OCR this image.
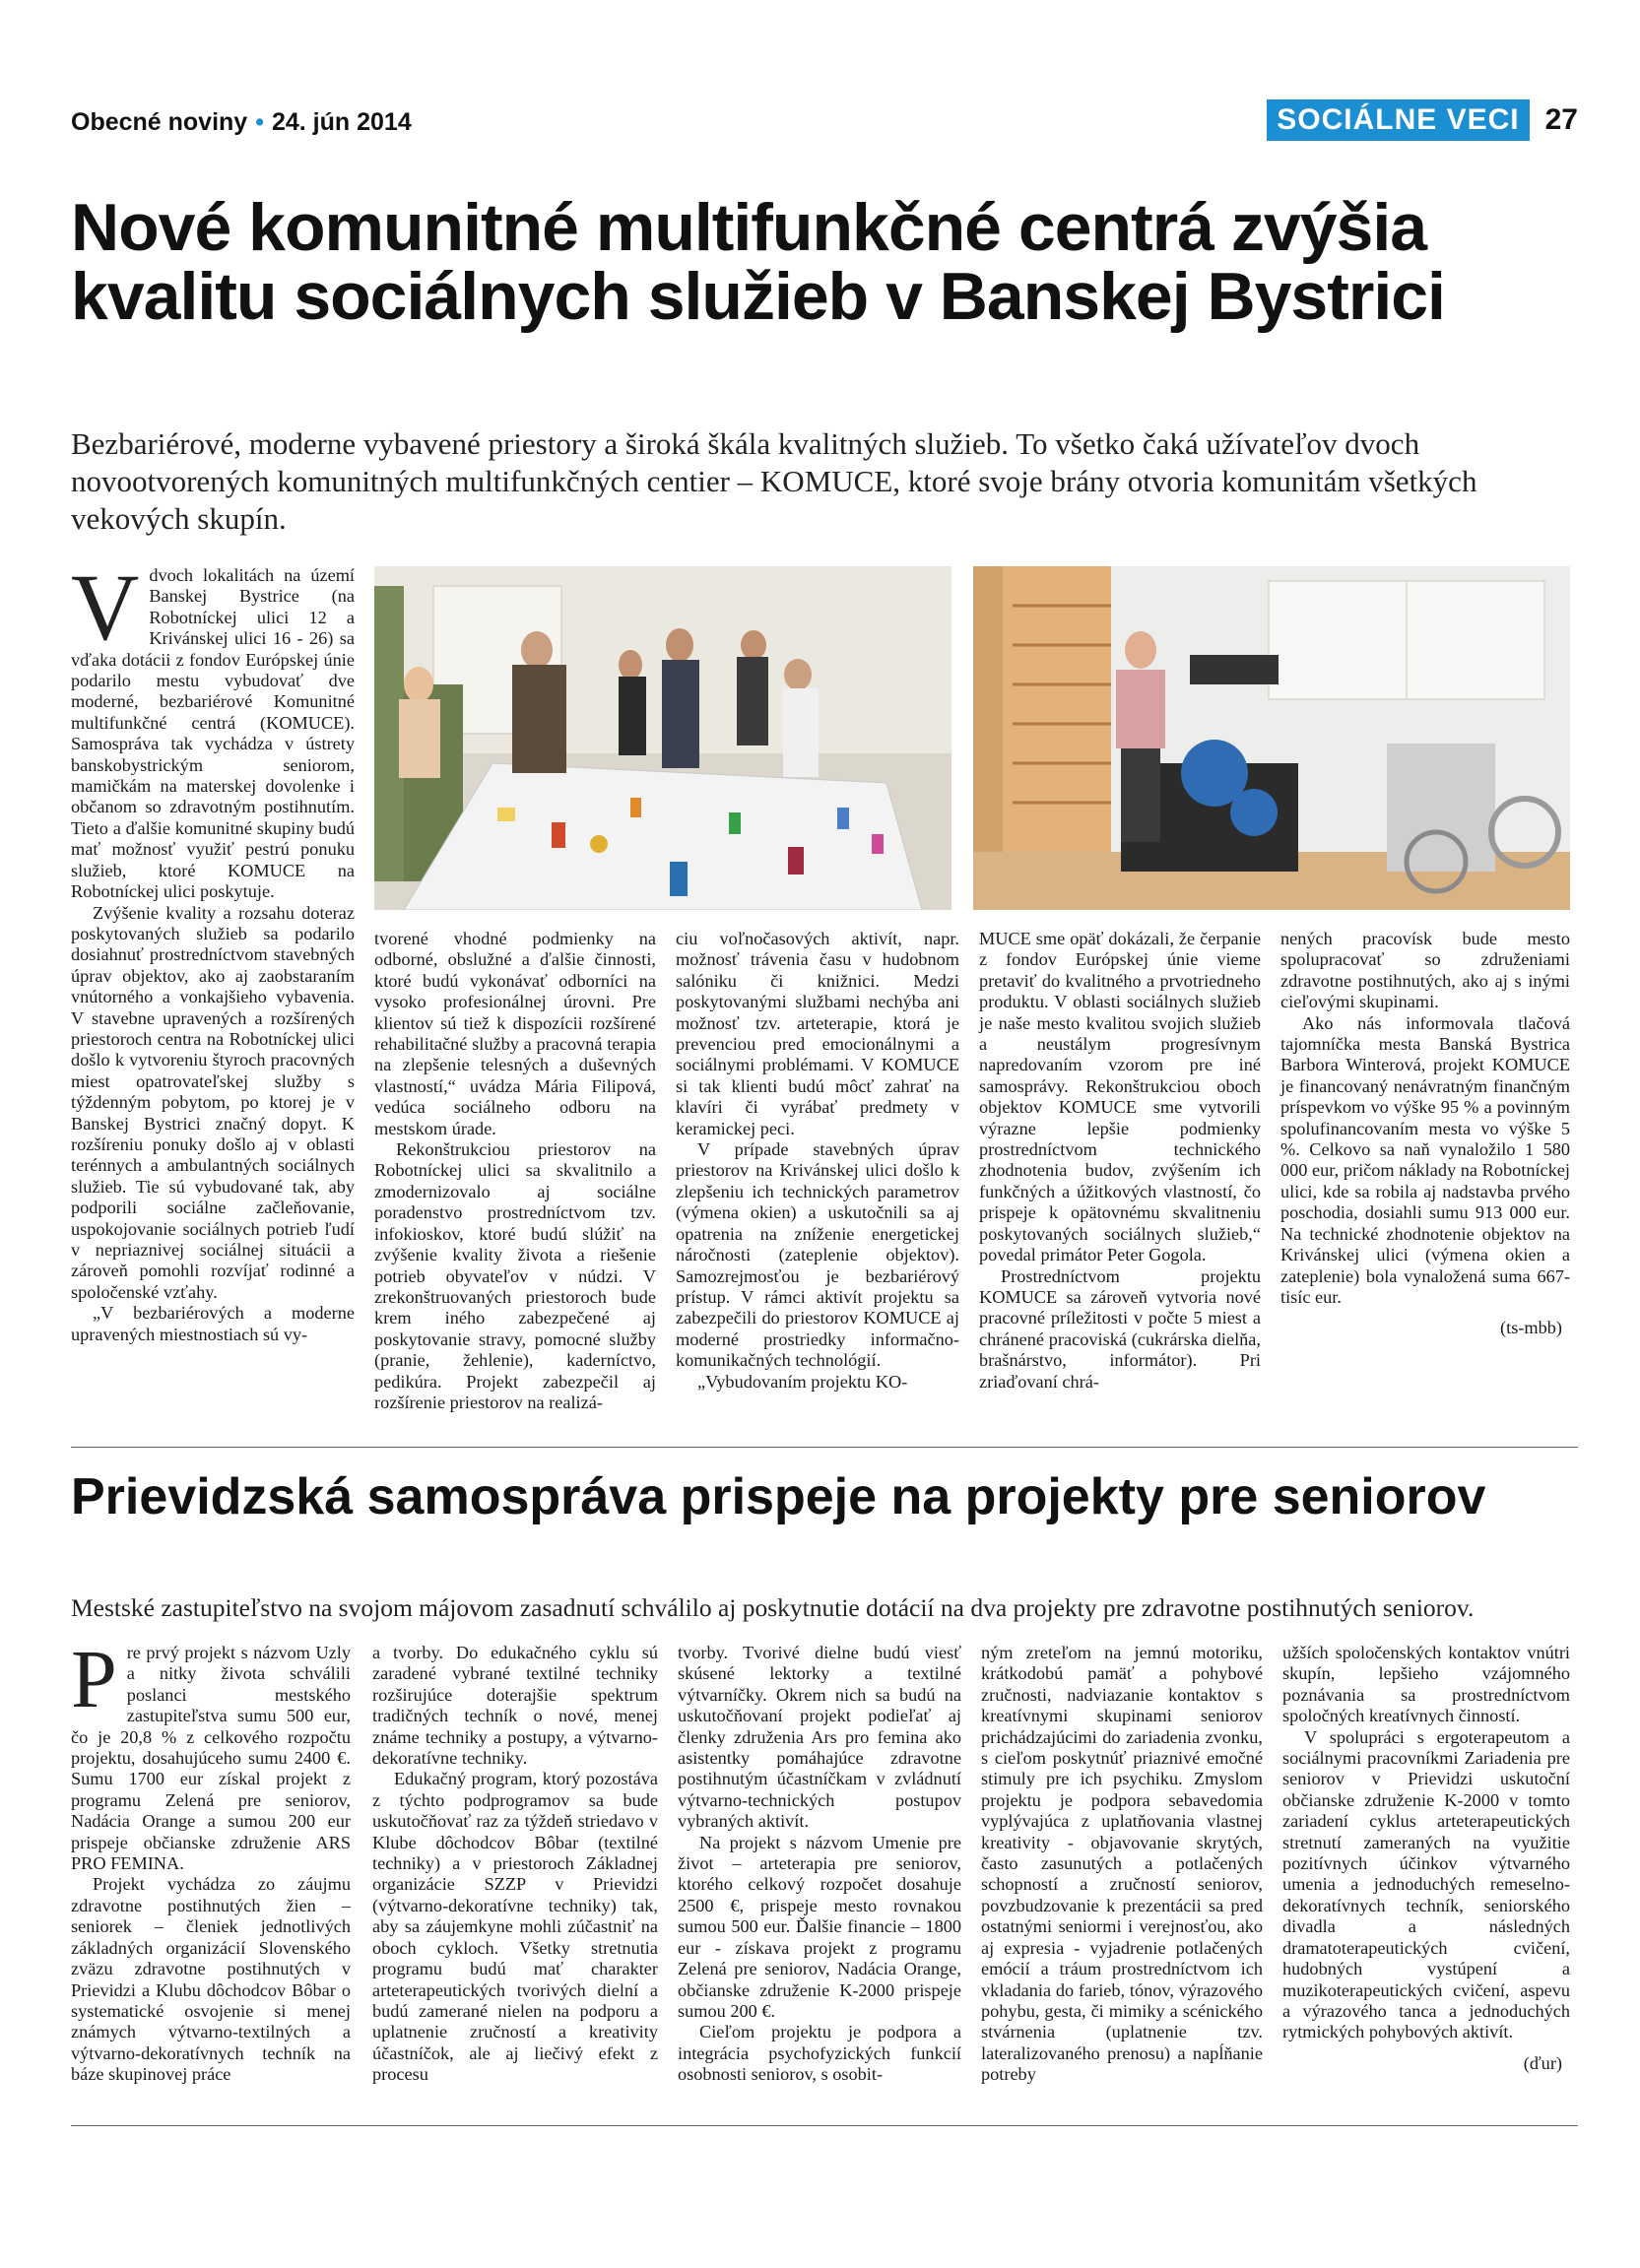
Obecné noviny • 24. jún 2014	SOCIÁLNE VECI 27
Nové komunitné multifunkčné centrá zvýšia kvalitu sociálnych služieb v Banskej Bystrici

Bezbariérové, moderne vybavené priestory a široká škála kvalitných služieb. To všetko čaká užívateľov dvoch novootvorených komunitných multifunkčných centier – KOMUCE, ktoré svoje brány otvoria komunitám všetkých vekových skupín.

Vdvoch lokalitách na území Banskej Bystrice (na Robotníckej ulici 12 a Krivánskej ulici 16 - 26) sa vďaka dotácii z fondov Európskej únie podarilo mestu vybudovať dve moderné, bezbariérové Komunitné multifunkčné centrá (KOMUCE). Samospráva tak vychádza v ústrety banskobystrickým seniorom, mamičkám na materskej dovolenke i občanom so zdravotným postihnutím. Tieto a ďalšie komunitné skupiny budú mať možnosť využiť pestrú ponuku služieb, ktoré KOMUCE na Robotníckej ulici poskytuje.

Zvýšenie kvality a rozsahu doteraz poskytovaných služieb sa podarilo dosiahnuť prostredníctvom stavebných úprav objektov, ako aj zaobstaraním vnútorného a vonkajšieho vybavenia. V stavebne upravených a rozšírených priestoroch centra na Robotníckej ulici došlo k vytvoreniu štyroch pracovných miest opatrovateľskej služby s týždenným pobytom, po ktorej je v Banskej Bystrici značný dopyt. K rozšíreniu ponuky došlo aj v oblasti terénnych a ambulantných sociálnych služieb. Tie sú vybudované tak, aby podporili sociálne začleňovanie, uspokojovanie sociálnych potrieb ľudí v nepriaznivej sociálnej situácii a zároveň pomohli rozvíjať rodinné a spoločenské vzťahy.

„V bezbariérových a moderne upravených miestnostiach sú vy-

tvorené vhodné podmienky na odborné, obslužné a ďalšie činnosti, ktoré budú vykonávať odborníci na vysoko profesionálnej úrovni. Pre klientov sú tiež k dispozícii rozšírené rehabilitačné služby a pracovná terapia na zlepšenie telesných a duševných vlastností,“ uvádza Mária Filipová, vedúca sociálneho odboru na mestskom úrade.

Rekonštrukciou priestorov na Robotníckej ulici sa skvalitnilo a zmodernizovalo aj sociálne poradenstvo prostredníctvom tzv. infokioskov, ktoré budú slúžiť na zvýšenie kvality života a riešenie potrieb obyvateľov v núdzi. V zrekonštruovaných priestoroch bude krem iného zabezpečené aj poskytovanie stravy, pomocné služby (pranie, žehlenie), kaderníctvo, pedikúra. Projekt zabezpečil aj rozšírenie priestorov na realizá-

ciu voľnočasových aktivít, napr. možnosť trávenia času v hudobnom salóniku či knižnici. Medzi poskytovanými službami nechýba ani možnosť tzv. arteterapie, ktorá je prevenciou pred emocionálnymi a sociálnymi problémami. V KOMUCE si tak klienti budú môcť zahrať na klavíri či vyrábať predmety v keramickej peci.

V prípade stavebných úprav priestorov na Krivánskej ulici došlo k zlepšeniu ich technických parametrov (výmena okien) a uskutočnili sa aj opatrenia na zníženie energetickej náročnosti (zateplenie objektov). Samozrejmosťou je bezbariérový prístup. V rámci aktivít projektu sa zabezpečili do priestorov KOMUCE aj moderné prostriedky informačno-komunikačných technológií.

„Vybudovaním projektu KO-

MUCE sme opäť dokázali, že čerpanie z fondov Európskej únie vieme pretaviť do kvalitného a prvotriedneho produktu. V oblasti sociálnych služieb je naše mesto kvalitou svojich služieb a neustálym progresívnym napredovaním vzorom pre iné samosprávy. Rekonštrukciou oboch objektov KOMUCE sme vytvorili výrazne lepšie podmienky prostredníctvom technického zhodnotenia budov, zvýšením ich funkčných a úžitkových vlastností, čo prispeje k opätovnému skvalitneniu poskytovaných sociálnych služieb,“ povedal primátor Peter Gogola.

Prostredníctvom projektu KOMUCE sa zároveň vytvoria nové pracovné príležitosti v počte 5 miest a chránené pracoviská (cukrárska dielňa, brašnárstvo, informátor). Pri zriaďovaní chrá-

nených pracovísk bude mesto spolupracovať so združeniami zdravotne postihnutých, ako aj s inými cieľovými skupinami.

Ako nás informovala tlačová tajomníčka mesta Banská Bystrica Barbora Winterová, projekt KOMUCE je financovaný nenávratným finančným príspevkom vo výške 95 % a povinným spolufinancovaním mesta vo výške 5 %. Celkovo sa naň vynaložilo 1 580 000 eur, pričom náklady na Robotníckej ulici, kde sa robila aj nadstavba prvého poschodia, dosiahli sumu 913 000 eur. Na technické zhodnotenie objektov na Krivánskej ulici (výmena okien a zateplenie) bola vynaložená suma 667-tisíc eur.

(ts-mbb)

Prievidzská samospráva prispeje na projekty pre seniorov

Mestské zastupiteľstvo na svojom májovom zasadnutí schválilo aj poskytnutie dotácií na dva projekty pre zdravotne postihnutých seniorov.

Pre prvý projekt s názvom Uzly a nitky života schválili poslanci mestského zastupiteľstva sumu 500 eur, čo je 20,8 % z celkového rozpočtu projektu, dosahujúceho sumu 2400 €. Sumu 1700 eur získal projekt z programu Zelená pre seniorov, Nadácia Orange a sumou 200 eur prispeje občianske združenie ARS PRO FEMINA.

Projekt vychádza zo záujmu zdravotne postihnutých žien – seniorek – členiek jednotlivých základných organizácií Slovenského zväzu zdravotne postihnutých v Prievidzi a Klubu dôchodcov Bôbar o systematické osvojenie si menej známych výtvarno-textilných a výtvarno-dekoratívnych techník na báze skupinovej práce

a tvorby. Do edukačného cyklu sú zaradené vybrané textilné techniky rozširujúce doterajšie spektrum tradičných techník o nové, menej známe techniky a postupy, a výtvarno-dekoratívne techniky.

Edukačný program, ktorý pozostáva z týchto podprogramov sa bude uskutočňovať raz za týždeň striedavo v Klube dôchodcov Bôbar (textilné techniky) a v priestoroch Základnej organizácie SZZP v Prievidzi (výtvarno-dekoratívne techniky) tak, aby sa záujemkyne mohli zúčastniť na oboch cykloch. Všetky stretnutia programu budú mať charakter arteterapeutických tvorivých dielní a budú zamerané nielen na podporu a uplatnenie zručností a kreativity účastníčok, ale aj liečivý efekt z procesu

tvorby. Tvorivé dielne budú viesť skúsené lektorky a textilné výtvarníčky. Okrem nich sa budú na uskutočňovaní projekt podieľať aj členky združenia Ars pro femina ako asistentky pomáhajúce zdravotne postihnutým účastníčkam v zvládnutí výtvarno-technických postupov vybraných aktivít.

Na projekt s názvom Umenie pre život – arteterapia pre seniorov, ktorého celkový rozpočet dosahuje 2500 €, prispeje mesto rovnakou sumou 500 eur. Ďalšie financie – 1800 eur - získava projekt z programu Zelená pre seniorov, Nadácia Orange, občianske združenie K-2000 prispeje sumou 200 €.

Cieľom projektu je podpora a integrácia psychofyzických funkcií osobnosti seniorov, s osobit-

ným zreteľom na jemnú motoriku, krátkodobú pamäť a pohybové zručnosti, nadviazanie kontaktov s kreatívnymi skupinami seniorov prichádzajúcimi do zariadenia zvonku, s cieľom poskytnúť priaznivé emočné stimuly pre ich psychiku. Zmyslom projektu je podpora sebavedomia vyplývajúca z uplatňovania vlastnej kreativity - objavovanie skrytých, často zasunutých a potlačených schopností a zručností seniorov, povzbudzovanie k prezentácii sa pred ostatnými seniormi i verejnosťou, ako aj expresia - vyjadrenie potlačených emócií a tráum prostredníctvom ich vkladania do farieb, tónov, výrazového pohybu, gesta, či mimiky a scénického stvárnenia (uplatnenie tzv. lateralizovaného prenosu) a napĺňanie potreby

užších spoločenských kontaktov vnútri skupín, lepšieho vzájomného poznávania sa prostredníctvom spoločných kreatívnych činností.

V spolupráci s ergoterapeutom a sociálnymi pracovníkmi Zariadenia pre seniorov v Prievidzi uskutoční občianske združenie K-2000 v tomto zariadení cyklus arteterapeutických stretnutí zameraných na využitie pozitívnych účinkov výtvarného umenia a jednoduchých remeselno-dekoratívnych techník, seniorského divadla a následných dramatoterapeutických cvičení, hudobných vystúpení a muzikoterapeutických cvičení, aspevu a výrazového tanca a jednoduchých rytmických pohybových aktivít.

(ďur)
